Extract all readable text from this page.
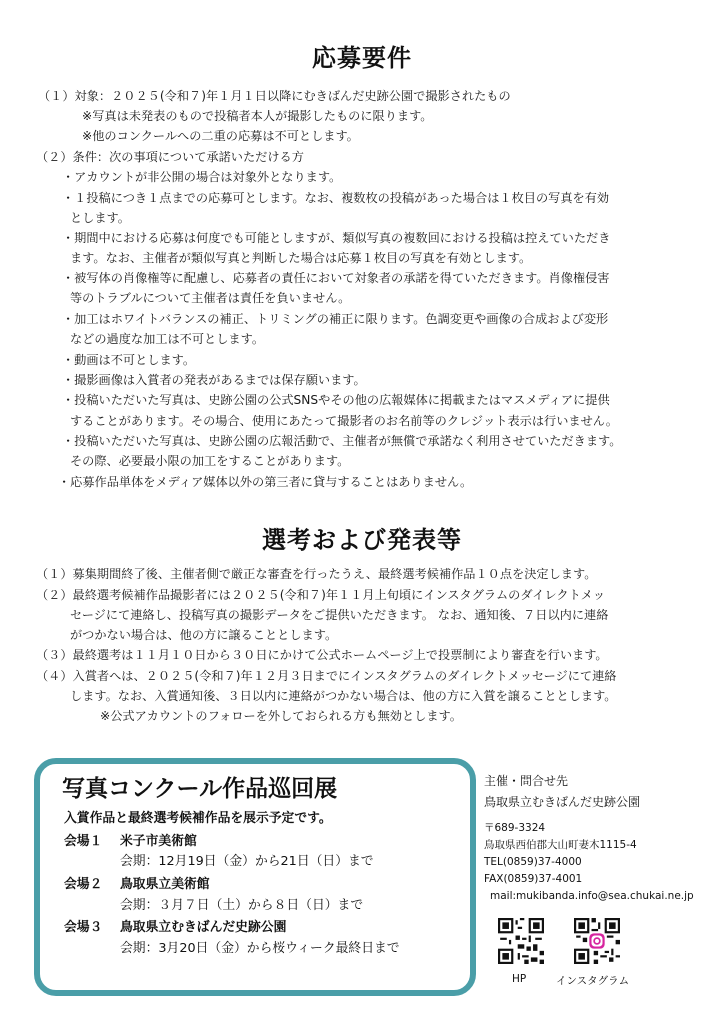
応募要件
（１）対象：２０２５(令和７)年１月１日以降にむきばんだ史跡公園で撮影されたもの
※写真は未発表のもので投稿者本人が撮影したものに限ります。
※他のコンクールへの二重の応募は不可とします。
（２）条件：次の事項について承諾いただける方
・アカウントが非公開の場合は対象外となります。
・１投稿につき１点までの応募可とします。なお、複数枚の投稿があった場合は１枚目の写真を有効
とします。
・期間中における応募は何度でも可能としますが、類似写真の複数回における投稿は控えていただき
ます。なお、主催者が類似写真と判断した場合は応募１枚目の写真を有効とします。
・被写体の肖像権等に配慮し、応募者の責任において対象者の承諾を得ていただきます。肖像権侵害
等のトラブルについて主催者は責任を負いません。
・加工はホワイトバランスの補正、トリミングの補正に限ります。色調変更や画像の合成および変形
などの過度な加工は不可とします。
・動画は不可とします。
・撮影画像は入賞者の発表があるまでは保存願います。
・投稿いただいた写真は、史跡公園の公式SNSやその他の広報媒体に掲載またはマスメディアに提供
することがあります。その場合、使用にあたって撮影者のお名前等のクレジット表示は行いません。
・投稿いただいた写真は、史跡公園の広報活動で、主催者が無償で承諾なく利用させていただきます。
その際、必要最小限の加工をすることがあります。
・応募作品単体をメディア媒体以外の第三者に貸与することはありません。
選考および発表等
（１）募集期間終了後、主催者側で厳正な審査を行ったうえ、最終選考候補作品１０点を決定します。
（２）最終選考候補作品撮影者には２０２５(令和７)年１１月上旬頃にインスタグラムのダイレクトメッ
セージにて連絡し、投稿写真の撮影データをご提供いただきます。 なお、通知後、７日以内に連絡
がつかない場合は、他の方に譲ることとします。
（３）最終選考は１１月１０日から３０日にかけて公式ホームページ上で投票制により審査を行います。
（４）入賞者へは、２０２５(令和７)年１２月３日までにインスタグラムのダイレクトメッセージにて連絡
します。なお、入賞通知後、３日以内に連絡がつかない場合は、他の方に入賞を譲ることとします。
※公式アカウントのフォローを外しておられる方も無効とします。
写真コンクール作品巡回展
入賞作品と最終選考候補作品を展示予定です。
会場１ 米子市美術館
会期：12月19日（金）から21日（日）まで
会場２ 鳥取県立美術館
会期：３月７日（土）から８日（日）まで
会場３ 鳥取県立むきばんだ史跡公園
会期：3月20日（金）から桜ウィーク最終日まで
主催・問合せ先
鳥取県立むきばんだ史跡公園
〒689-3324
鳥取県西伯郡大山町妻木1115-4
TEL(0859)37-4000
FAX(0859)37-4001
mail:mukibanda.info@sea.chukai.ne.jp
HP	インスタグラム
